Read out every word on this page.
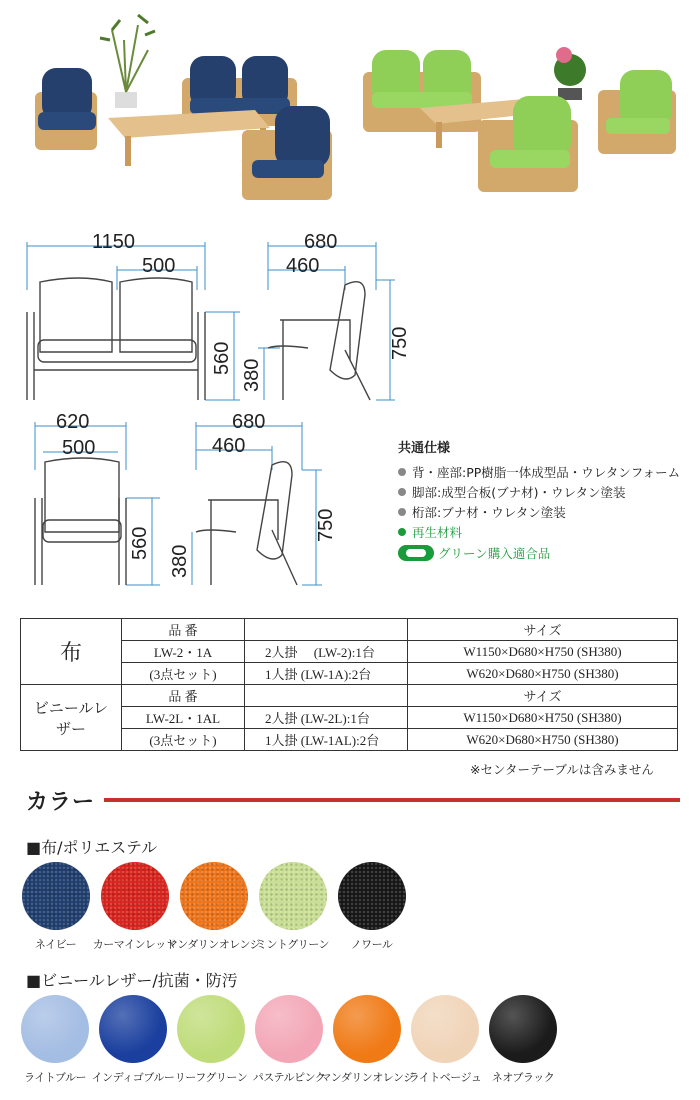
1150
500
560
680
460
380
750
620
500
560
680
460
380
750
共通仕様
背・座部:PP樹脂一体成型品・ウレタンフォーム
脚部:成型合板(ブナ材)・ウレタン塗装
桁部:ブナ材・ウレタン塗装
再生材料
グリーン購入適合品
布	品 番		サイズ
	LW-2・1A	2人掛　 (LW-2):1台	W1150×D680×H750 (SH380)
	(3点セット)	1人掛 (LW-1A):2台	W620×D680×H750 (SH380)
ビニールレザー	品 番		サイズ
	LW-2L・1AL	2人掛 (LW-2L):1台	W1150×D680×H750 (SH380)
	(3点セット)	1人掛 (LW-1AL):2台	W620×D680×H750 (SH380)
※センターテーブルは含みません
カラー
■布/ポリエステル
ネイビー カーマインレッド
マンダリンオレンジ
ミントグリーン ノワール
■ビニールレザー/抗菌・防汚
ライトブルー インディゴブルー リーフグリーン パステルピンク
マンダリンオレンジ
ライトベージュ ネオブラック
